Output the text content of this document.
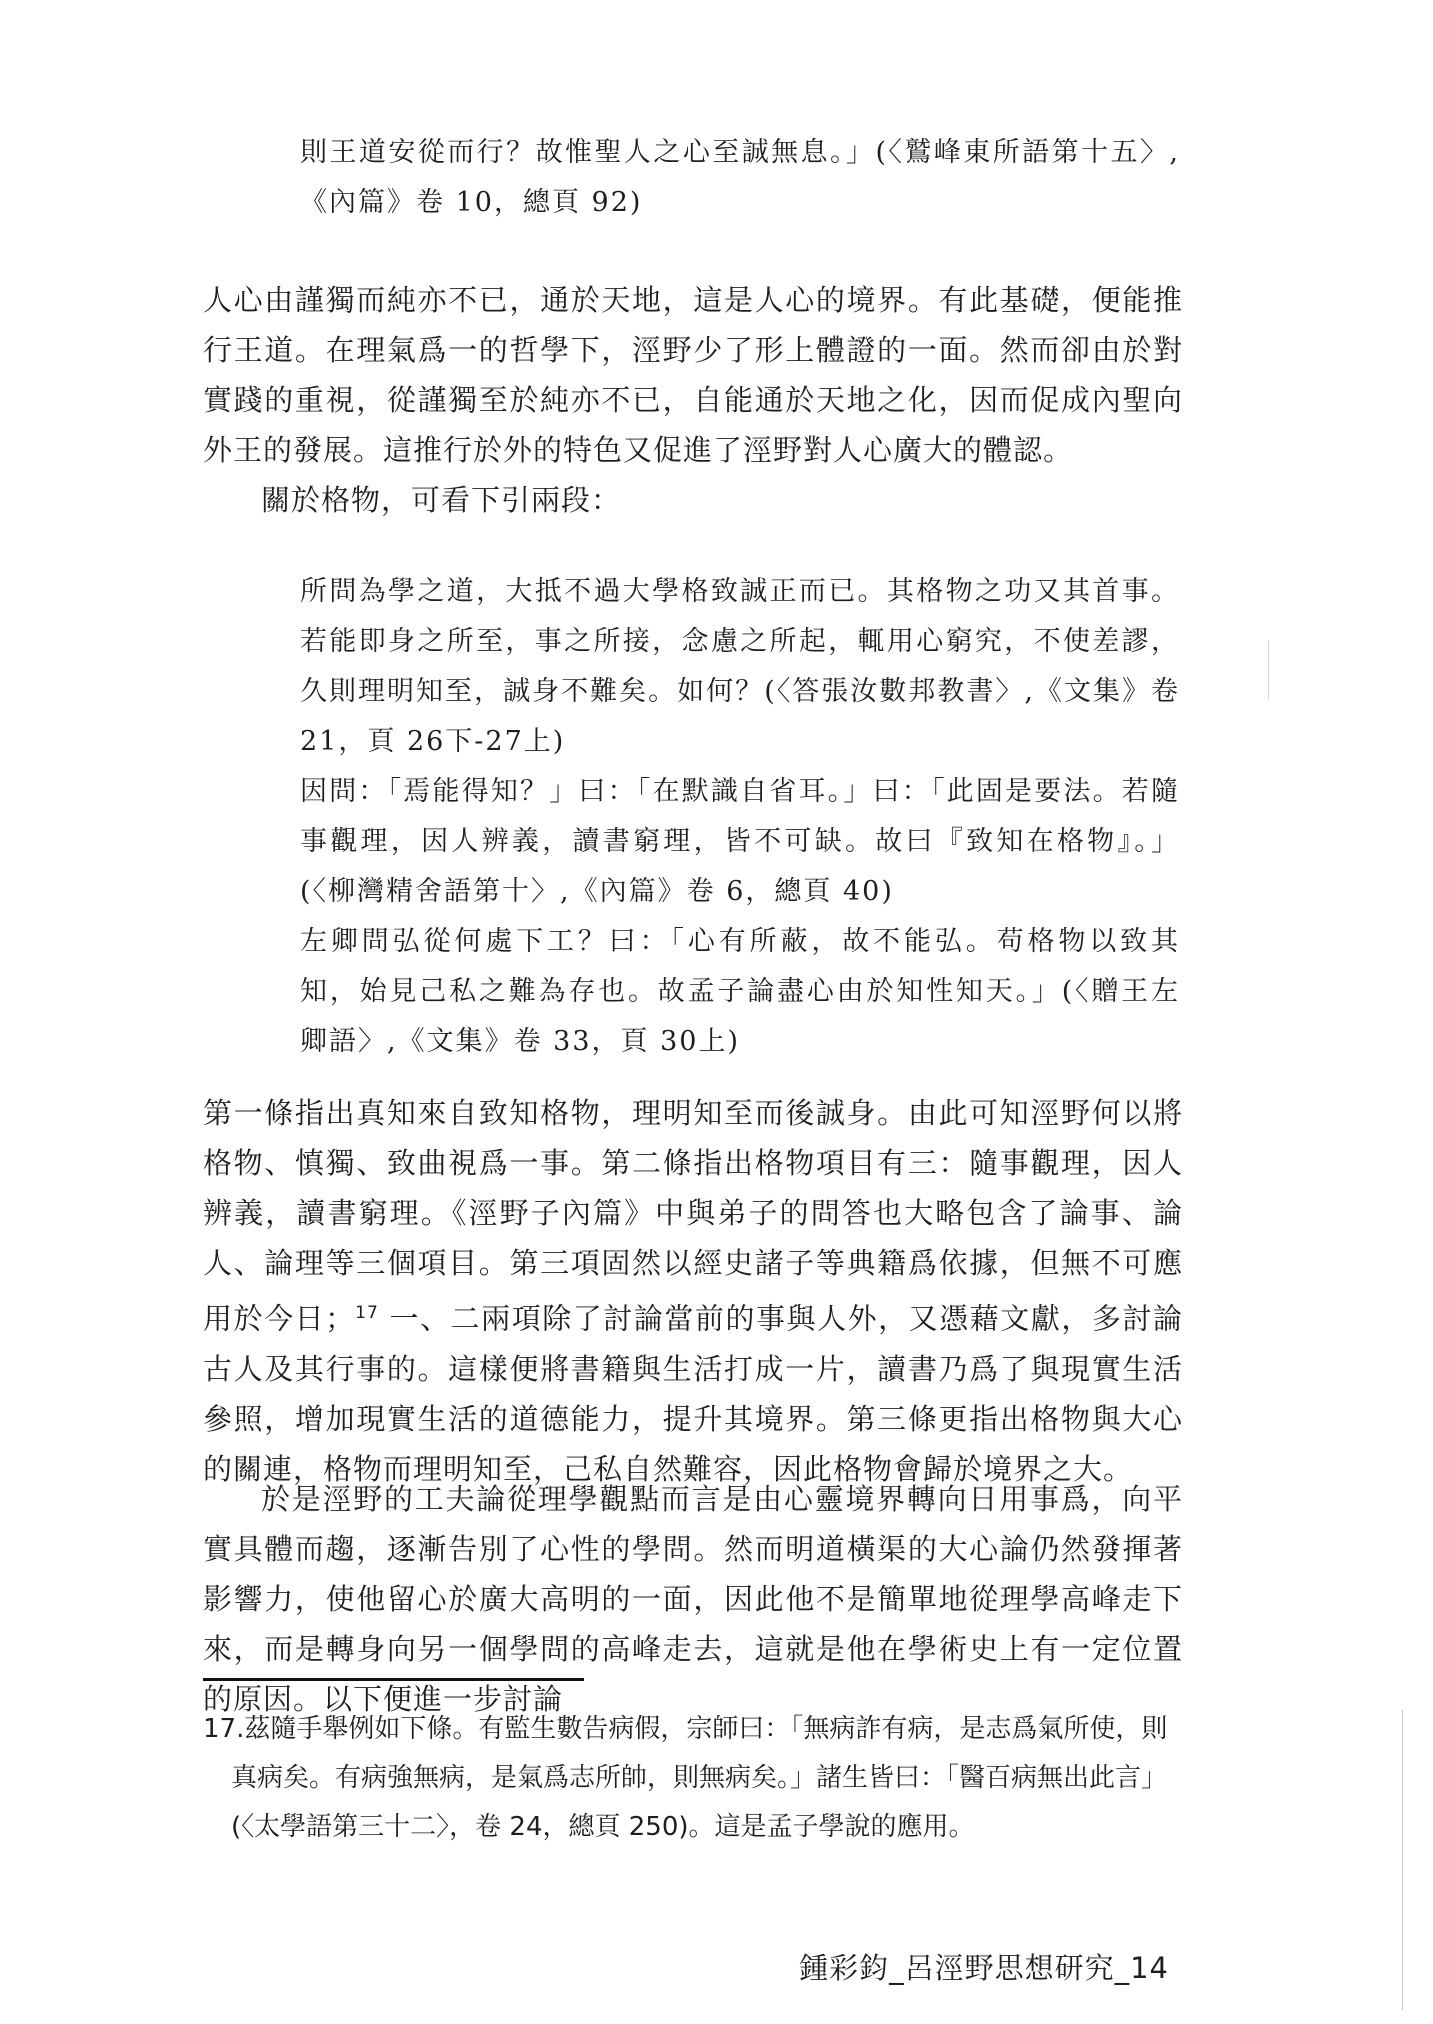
則王道安從而行？故惟聖人之心至誠無息。」(〈鷲峰東所語第十五〉,《內篇》卷 10，總頁 92)

人心由謹獨而純亦不已，通於天地，這是人心的境界。有此基礎，便能推行王道。在理氣爲一的哲學下，涇野少了形上體證的一面。然而卻由於對實踐的重視，從謹獨至於純亦不已，自能通於天地之化，因而促成內聖向外王的發展。這推行於外的特色又促進了涇野對人心廣大的體認。

關於格物，可看下引兩段：

所問為學之道，大抵不過大學格致誠正而已。其格物之功又其首事。若能即身之所至，事之所接，念慮之所起，輒用心窮究，不使差謬，久則理明知至，誠身不難矣。如何？(〈答張汝數邦教書〉,《文集》卷 21，頁 26下-27上)

因問：「焉能得知？」曰：「在默識自省耳。」曰：「此固是要法。若隨事觀理，因人辨義，讀書窮理，皆不可缺。故曰『致知在格物』。」(〈柳灣精舍語第十〉,《內篇》卷 6，總頁 40)

左卿問弘從何處下工？曰：「心有所蔽，故不能弘。苟格物以致其知，始見己私之難為存也。故孟子論盡心由於知性知天。」(〈贈王左卿語〉,《文集》卷 33，頁 30上)

第一條指出真知來自致知格物，理明知至而後誠身。由此可知涇野何以將格物、慎獨、致曲視爲一事。第二條指出格物項目有三：隨事觀理，因人辨義，讀書窮理。《涇野子內篇》中與弟子的問答也大略包含了論事、論人、論理等三個項目。第三項固然以經史諸子等典籍爲依據，但無不可應用於今日；$^{17}$ 一、二兩項除了討論當前的事與人外，又憑藉文獻，多討論古人及其行事的。這樣便將書籍與生活打成一片，讀書乃爲了與現實生活參照，增加現實生活的道德能力，提升其境界。第三條更指出格物與大心的關連，格物而理明知至，己私自然難容，因此格物會歸於境界之大。

於是涇野的工夫論從理學觀點而言是由心靈境界轉向日用事爲，向平實具體而趨，逐漸告別了心性的學問。然而明道橫渠的大心論仍然發揮著影響力，使他留心於廣大高明的一面，因此他不是簡單地從理學高峰走下來，而是轉身向另一個學問的高峰走去，這就是他在學術史上有一定位置的原因。以下便進一步討論

17.茲隨手舉例如下條。有監生數告病假，宗師曰：「無病詐有病，是志爲氣所使，則真病矣。有病強無病，是氣爲志所帥，則無病矣。」諸生皆曰：「醫百病無出此言」(〈太學語第三十二〉，卷 24，總頁 250)。這是孟子學說的應用。

鍾彩鈞_呂涇野思想研究_14
